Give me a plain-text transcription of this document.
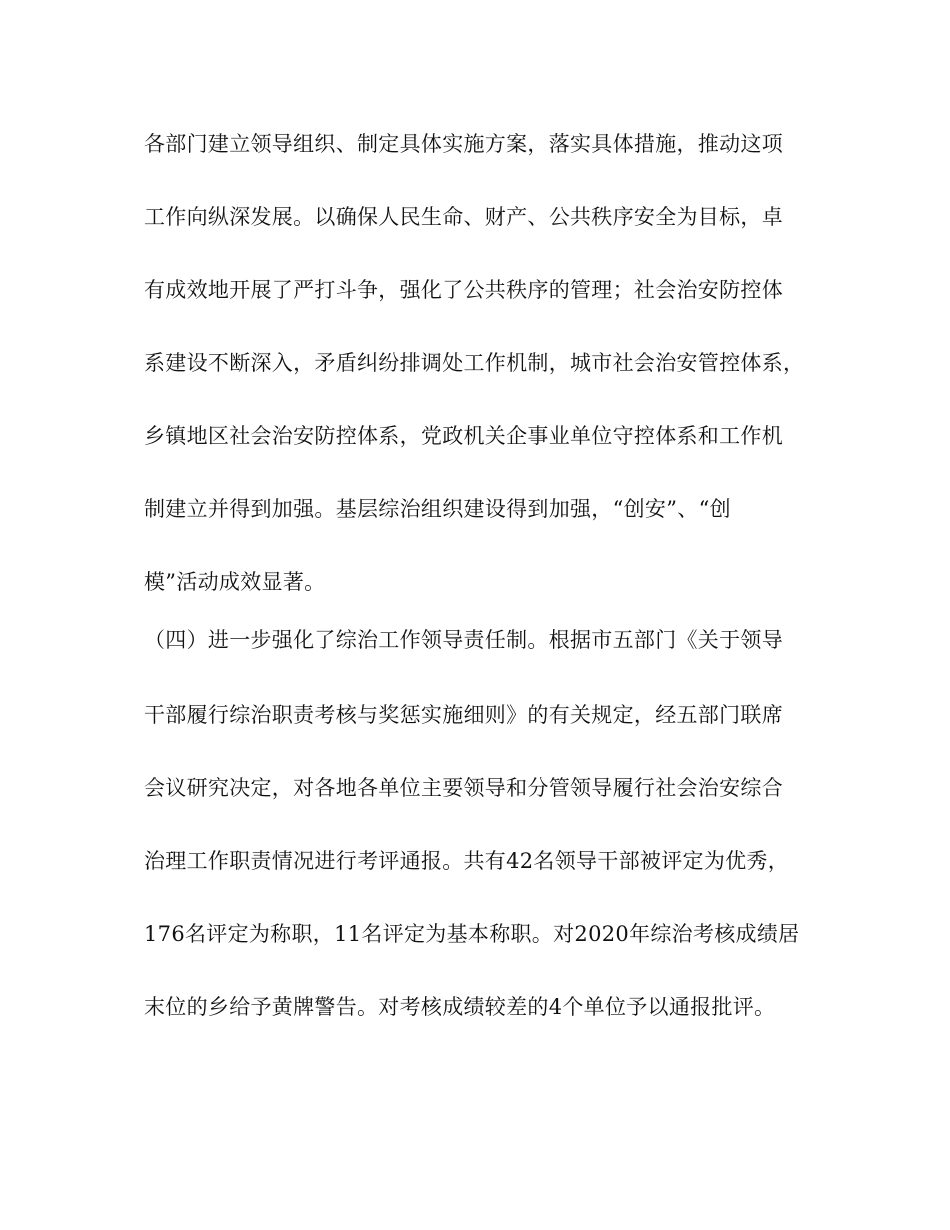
各部门建立领导组织、制定具体实施方案，落实具体措施，推动这项
工作向纵深发展。以确保人民生命、财产、公共秩序安全为目标，卓
有成效地开展了严打斗争，强化了公共秩序的管理；社会治安防控体
系建设不断深入，矛盾纠纷排调处工作机制，城市社会治安管控体系，
乡镇地区社会治安防控体系，党政机关企事业单位守控体系和工作机
制建立并得到加强。基层综治组织建设得到加强，“创安”、“创
模”活动成效显著。
（四）进一步强化了综治工作领导责任制。根据市五部门《关于领导
干部履行综治职责考核与奖惩实施细则》的有关规定，经五部门联席
会议研究决定，对各地各单位主要领导和分管领导履行社会治安综合
治理工作职责情况进行考评通报。共有42名领导干部被评定为优秀，
176名评定为称职，11名评定为基本称职。对2020年综治考核成绩居
末位的乡给予黄牌警告。对考核成绩较差的4个单位予以通报批评。
